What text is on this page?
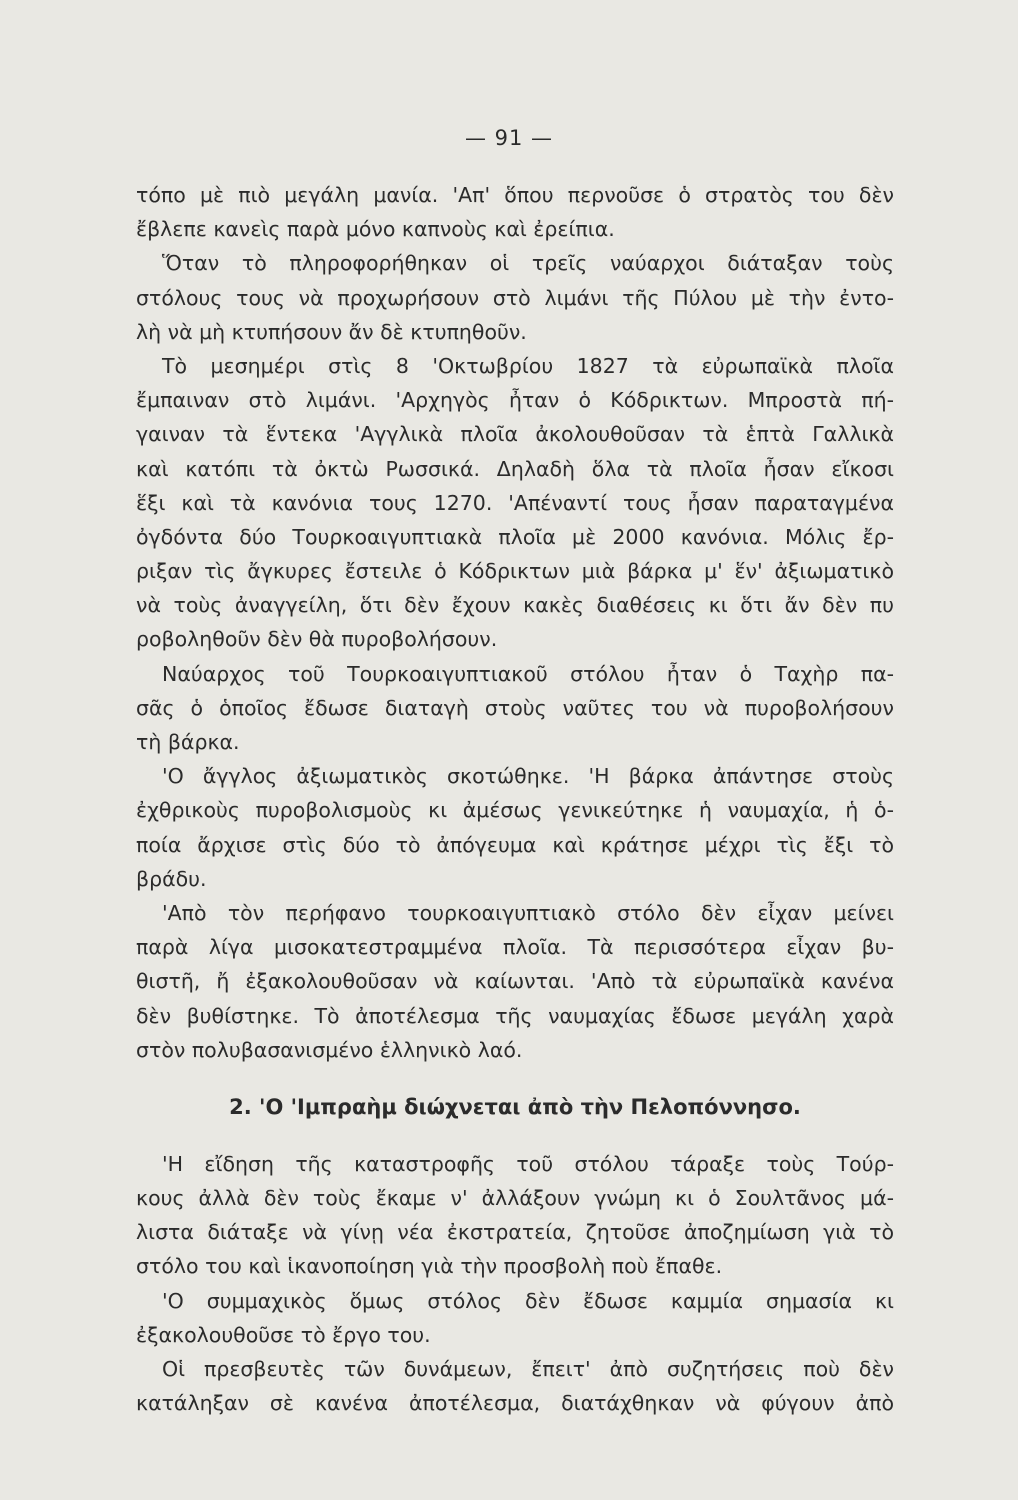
— 91 —
τόπο μὲ πιὸ μεγάλη μανία. 'Απ' ὅπου περνοῦσε ὁ στρατὸς του δὲν
ἔβλεπε κανεὶς παρὰ μόνο καπνοὺς καὶ ἐρείπια.
Ὅταν τὸ πληροφορήθηκαν οἱ τρεῖς ναύαρχοι διάταξαν τοὺς
στόλους τους νὰ προχωρήσουν στὸ λιμάνι τῆς Πύλου μὲ τὴν ἐντο-
λὴ νὰ μὴ κτυπήσουν ἄν δὲ κτυπηθοῦν.
Τὸ μεσημέρι στὶς 8 'Οκτωβρίου 1827 τὰ εὐρωπαϊκὰ πλοῖα
ἔμπαιναν στὸ λιμάνι. 'Αρχηγὸς ἦταν ὁ Κόδρικτων. Μπροστὰ πή-
γαιναν τὰ ἕντεκα 'Αγγλικὰ πλοῖα ἀκολουθοῦσαν τὰ ἑπτὰ Γαλλικὰ
καὶ κατόπι τὰ ὀκτὼ Ρωσσικά. Δηλαδὴ ὅλα τὰ πλοῖα ἦσαν εἴκοσι
ἕξι καὶ τὰ κανόνια τους 1270. 'Απέναντί τους ἦσαν παραταγμένα
ὀγδόντα δύο Τουρκοαιγυπτιακὰ πλοῖα μὲ 2000 κανόνια. Μόλις ἔρ-
ριξαν τὶς ἄγκυρες ἔστειλε ὁ Κόδρικτων μιὰ βάρκα μ' ἕν' ἀξιωματικὸ
νὰ τοὺς ἀναγγείλη, ὅτι δὲν ἔχουν κακὲς διαθέσεις κι ὅτι ἄν δὲν πυ
ροβοληθοῦν δὲν θὰ πυροβολήσουν.
Ναύαρχος τοῦ Τουρκοαιγυπτιακοῦ στόλου ἦταν ὁ Ταχὴρ πα-
σᾶς ὁ ὁποῖος ἔδωσε διαταγὴ στοὺς ναῦτες του νὰ πυροβολήσουν
τὴ βάρκα.
'Ο ἄγγλος ἀξιωματικὸς σκοτώθηκε. 'Η βάρκα ἀπάντησε στοὺς
ἐχθρικοὺς πυροβολισμοὺς κι ἀμέσως γενικεύτηκε ἡ ναυμαχία, ἡ ὁ-
ποία ἄρχισε στὶς δύο τὸ ἀπόγευμα καὶ κράτησε μέχρι τὶς ἔξι τὸ
βράδυ.
'Απὸ τὸν περήφανο τουρκοαιγυπτιακὸ στόλο δὲν εἶχαν μείνει
παρὰ λίγα μισοκατεστραμμένα πλοῖα. Τὰ περισσότερα εἶχαν βυ-
θιστῆ, ἤ ἐξακολουθοῦσαν νὰ καίωνται. 'Απὸ τὰ εὐρωπαϊκὰ κανένα
δὲν βυθίστηκε. Τὸ ἀποτέλεσμα τῆς ναυμαχίας ἔδωσε μεγάλη χαρὰ
στὸν πολυβασανισμένο ἑλληνικὸ λαό.
2. 'Ο 'Ιμπραὴμ διώχνεται ἀπὸ τὴν Πελοπόννησο.
'Η εἴδηση τῆς καταστροφῆς τοῦ στόλου τάραξε τοὺς Τούρ-
κους ἀλλὰ δὲν τοὺς ἔκαμε ν' ἀλλάξουν γνώμη κι ὁ Σουλτᾶνος μά-
λιστα διάταξε νὰ γίνῃ νέα ἐκστρατεία, ζητοῦσε ἀποζημίωση γιὰ τὸ
στόλο του καὶ ἱκανοποίηση γιὰ τὴν προσβολὴ ποὺ ἔπαθε.
'Ο συμμαχικὸς ὅμως στόλος δὲν ἔδωσε καμμία σημασία κι
ἐξακολουθοῦσε τὸ ἔργο του.
Οἱ πρεσβευτὲς τῶν δυνάμεων, ἔπειτ' ἀπὸ συζητήσεις ποὺ δὲν
κατάληξαν σὲ κανένα ἀποτέλεσμα, διατάχθηκαν νὰ φύγουν ἀπὸ
